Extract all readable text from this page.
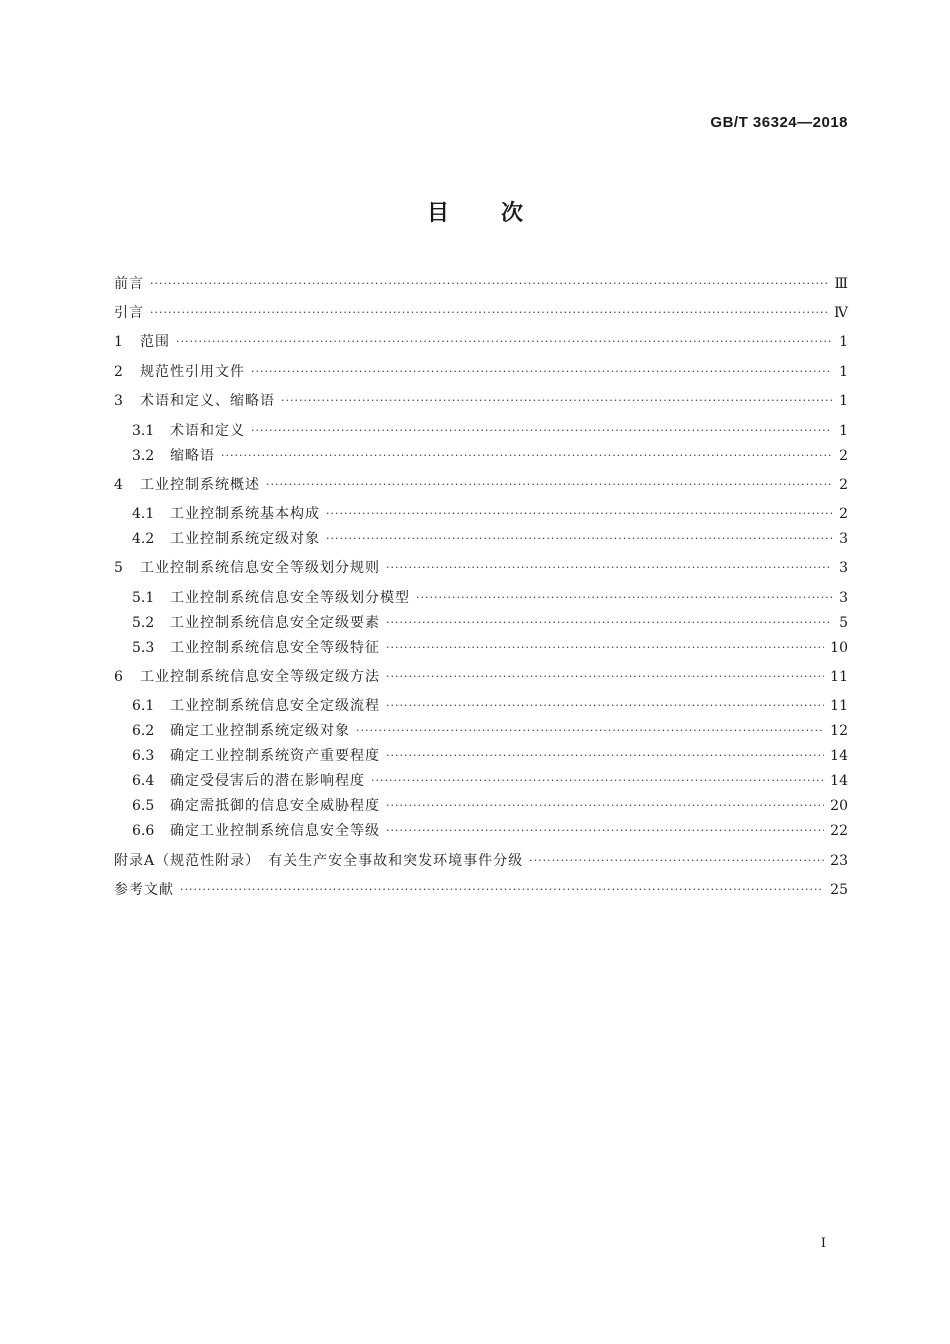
GB/T 36324—2018
目次
前言 ·····	Ⅲ
引言 ·····	Ⅳ
1	范围 ·····	1
2	规范性引用文件 ·····	1
3	术语和定义、缩略语 ·····	1
3.1	术语和定义 ·····	1
3.2	缩略语 ·····	2
4	工业控制系统概述 ·····	2
4.1	工业控制系统基本构成 ·····	2
4.2	工业控制系统定级对象 ·····	3
5	工业控制系统信息安全等级划分规则 ·····	3
5.1	工业控制系统信息安全等级划分模型 ·····	3
5.2	工业控制系统信息安全定级要素 ·····	5
5.3	工业控制系统信息安全等级特征 ·····	10
6	工业控制系统信息安全等级定级方法 ·····	11
6.1	工业控制系统信息安全定级流程 ·····	11
6.2	确定工业控制系统定级对象 ·····	12
6.3	确定工业控制系统资产重要程度 ·····	14
6.4	确定受侵害后的潜在影响程度 ·····	14
6.5	确定需抵御的信息安全威胁程度 ·····	20
6.6	确定工业控制系统信息安全等级 ·····	22
附录A（规范性附录）　有关生产安全事故和突发环境事件分级 ·····	23
参考文献 ·····	25
Ⅰ
